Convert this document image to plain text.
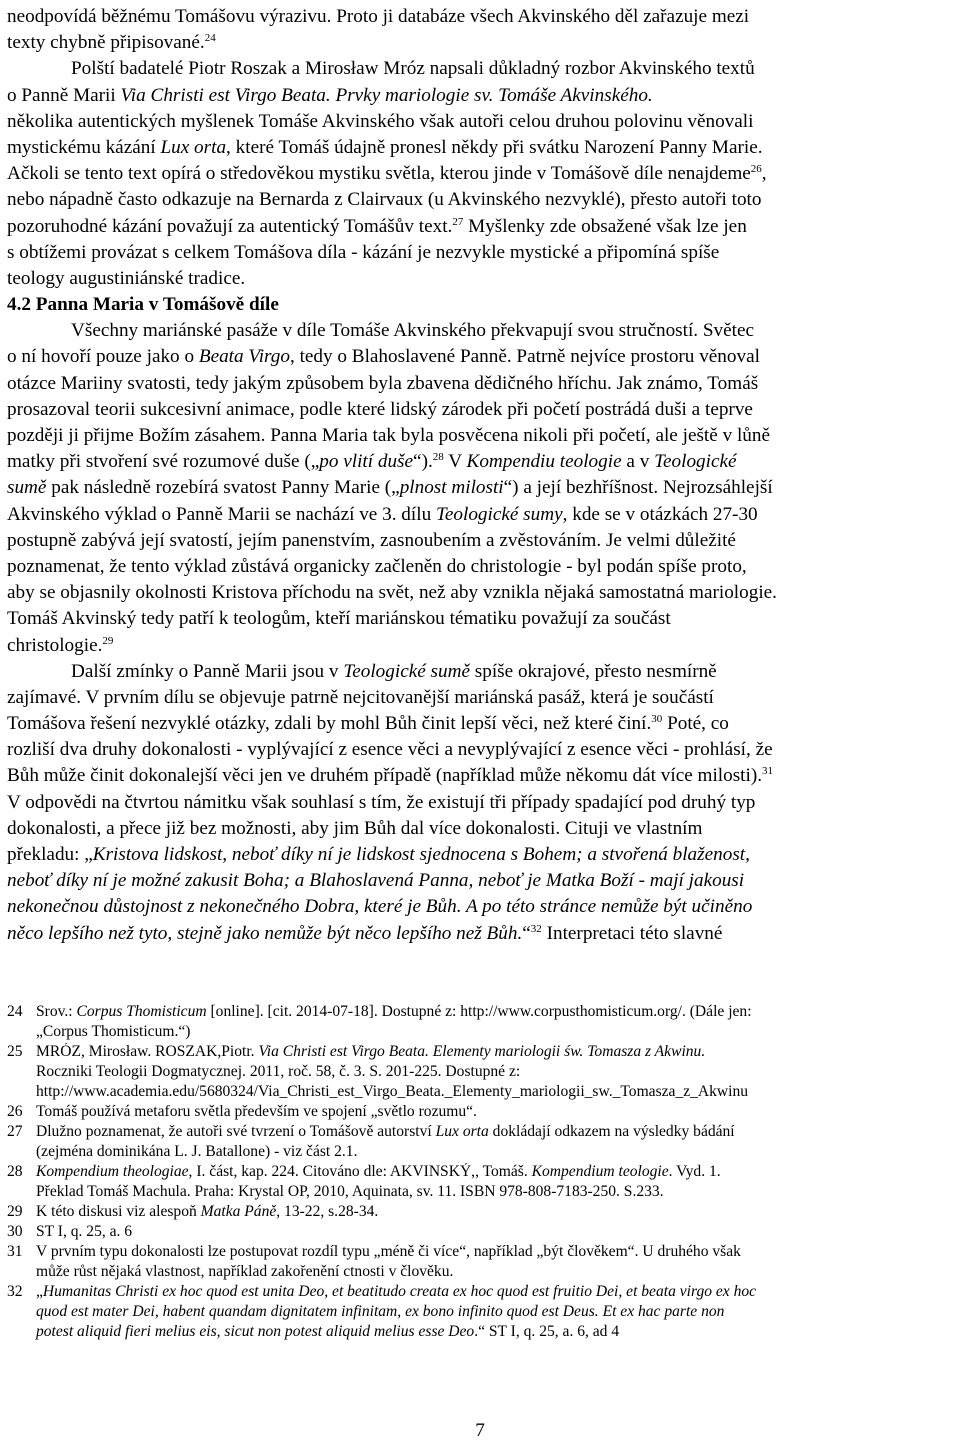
neodpovídá běžnému Tomášovu výrazivu. Proto ji databáze všech Akvinského děl zařazuje mezi
texty chybně připisované.$^{24}$
Polští badatelé Piotr Roszak a Mirosław Mróz napsali důkladný rozbor Akvinského textů
o Panně Marii Via Christi est Virgo Beata. Prvky mariologie sv. Tomáše Akvinského.
několika autentických myšlenek Tomáše Akvinského však autoři celou druhou polovinu věnovali
mystickému kázání Lux orta, které Tomáš údajně pronesl někdy při svátku Narození Panny Marie.
Ačkoli se tento text opírá o středověkou mystiku světla, kterou jinde v Tomášově díle nenajdeme$^{26}$,
nebo nápadně často odkazuje na Bernarda z Clairvaux (u Akvinského nezvyklé), přesto autoři toto
pozoruhodné kázání považují za autentický Tomášův text.$^{27}$ Myšlenky zde obsažené však lze jen
s obtížemi provázat s celkem Tomášova díla - kázání je nezvykle mystické a připomíná spíše
teology augustiniánské tradice.
4.2 Panna Maria v Tomášově díle
Všechny mariánské pasáže v díle Tomáše Akvinského překvapují svou stručností. Světec
o ní hovoří pouze jako o Beata Virgo, tedy o Blahoslavené Panně. Patrně nejvíce prostoru věnoval
otázce Mariiny svatosti, tedy jakým způsobem byla zbavena dědičného hříchu. Jak známo, Tomáš
prosazoval teorii sukcesivní animace, podle které lidský zárodek při početí postrádá duši a teprve
později ji přijme Božím zásahem. Panna Maria tak byla posvěcena nikoli při početí, ale ještě v lůně
matky při stvoření své rozumové duše („po vlití duše“).$^{28}$ V Kompendiu teologie a v Teologické
sumě pak následně rozebírá svatost Panny Marie („plnost milosti“) a její bezhříšnost. Nejrozsáhlejší
Akvinského výklad o Panně Marii se nachází ve 3. dílu Teologické sumy, kde se v otázkách 27-30
postupně zabývá její svatostí, jejím panenstvím, zasnoubením a zvěstováním. Je velmi důležité
poznamenat, že tento výklad zůstává organicky začleněn do christologie - byl podán spíše proto,
aby se objasnily okolnosti Kristova příchodu na svět, než aby vznikla nějaká samostatná mariologie.
Tomáš Akvinský tedy patří k teologům, kteří mariánskou tématiku považují za součást
christologie.$^{29}$
Další zmínky o Panně Marii jsou v Teologické sumě spíše okrajové, přesto nesmírně
zajímavé. V prvním dílu se objevuje patrně nejcitovanější mariánská pasáž, která je součástí
Tomášova řešení nezvyklé otázky, zdali by mohl Bůh činit lepší věci, než které činí.$^{30}$ Poté, co
rozliší dva druhy dokonalosti - vyplývající z esence věci a nevyplývající z esence věci - prohlásí, že
Bůh může činit dokonalejší věci jen ve druhém případě (například může někomu dát více milosti).$^{31}$
V odpovědi na čtvrtou námitku však souhlasí s tím, že existují tři případy spadající pod druhý typ
dokonalosti, a přece již bez možnosti, aby jim Bůh dal více dokonalosti. Cituji ve vlastním
překladu: „Kristova lidskost, neboť díky ní je lidskost sjednocena s Bohem; a stvořená blaženost,
neboť díky ní je možné zakusit Boha; a Blahoslavená Panna, neboť je Matka Boží - mají jakousi
nekonečnou důstojnost z nekonečného Dobra, které je Bůh. A po této stránce nemůže být učiněno
něco lepšího než tyto, stejně jako nemůže být něco lepšího než Bůh.“$^{32}$ Interpretaci této slavné
24 Srov.: Corpus Thomisticum [online]. [cit. 2014-07-18]. Dostupné z: http://www.corpusthomisticum.org/. (Dále jen:
„Corpus Thomisticum.“)
25 MRÓZ, Mirosław. ROSZAK,Piotr. Via Christi est Virgo Beata. Elementy mariologii św. Tomasza z Akwinu.
Roczniki Teologii Dogmatycznej. 2011, roč. 58, č. 3. S. 201-225. Dostupné z:
http://www.academia.edu/5680324/Via_Christi_est_Virgo_Beata._Elementy_mariologii_sw._Tomasza_z_Akwinu
26 Tomáš používá metaforu světla především ve spojení „světlo rozumu“.
27 Dlužno poznamenat, že autoři své tvrzení o Tomášově autorství Lux orta dokládají odkazem na výsledky bádání
(zejména dominikána L. J. Batallone) - viz část 2.1.
28 Kompendium theologiae, I. část, kap. 224. Citováno dle: AKVINSKÝ,, Tomáš. Kompendium teologie. Vyd. 1.
Překlad Tomáš Machula. Praha: Krystal OP, 2010, Aquinata, sv. 11. ISBN 978-808-7183-250. S.233.
29 K této diskusi viz alespoň Matka Páně, 13-22, s.28-34.
30 ST I, q. 25, a. 6
31 V prvním typu dokonalosti lze postupovat rozdíl typu „méně či více“, například „být člověkem“. U druhého však
může růst nějaká vlastnost, například zakořenění ctnosti v člověku.
32 „Humanitas Christi ex hoc quod est unita Deo, et beatitudo creata ex hoc quod est fruitio Dei, et beata virgo ex hoc
quod est mater Dei, habent quandam dignitatem infinitam, ex bono infinito quod est Deus. Et ex hac parte non
potest aliquid fieri melius eis, sicut non potest aliquid melius esse Deo.“ ST I, q. 25, a. 6, ad 4
7
